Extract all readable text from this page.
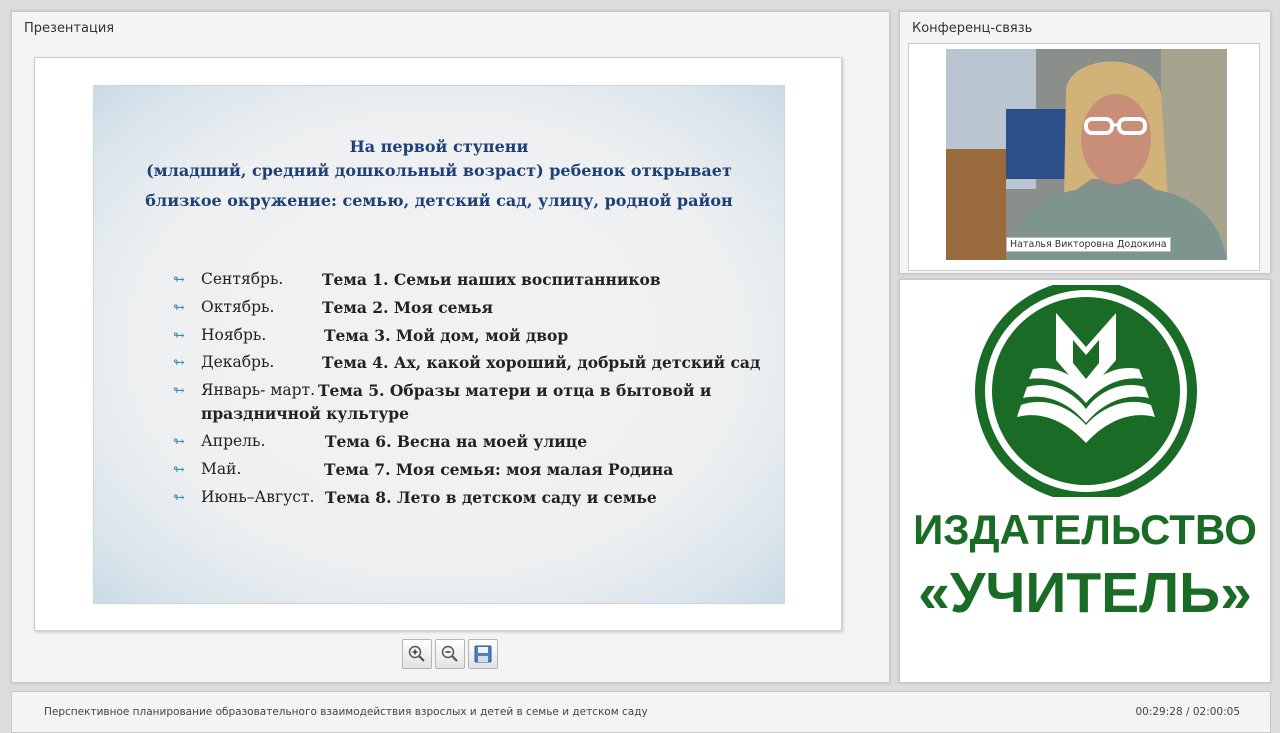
Презентация
На первой ступени
(младший, средний дошкольный возраст) ребенок открывает
близкое окружение: семью, детский сад, улицу, родной район
↬ Сентябрь. Тема 1. Семьи наших воспитанников
↬ Октябрь.	Тема 2. Моя семья
↬ Ноябрь.	Тема 3. Мой дом, мой двор
↬ Декабрь.	Тема 4. Ах, какой хороший, добрый детский сад
↬ Январь- март. Тема 5. Образы матери и отца в бытовой и
праздничной культуре
↬ Апрель.	Тема 6. Весна на моей улице
↬ Май.	Тема 7. Моя семья: моя малая Родина
↬ Июнь–Август. Тема 8. Лето в детском саду и семье
Конференц-связь
Наталья Викторовна Додокина
ИЗДАТЕЛЬСТВО
«УЧИТЕЛЬ»
Перспективное планирование образовательного взаимодействия взрослых и детей в семье и детском саду	00:29:28 / 02:00:05
